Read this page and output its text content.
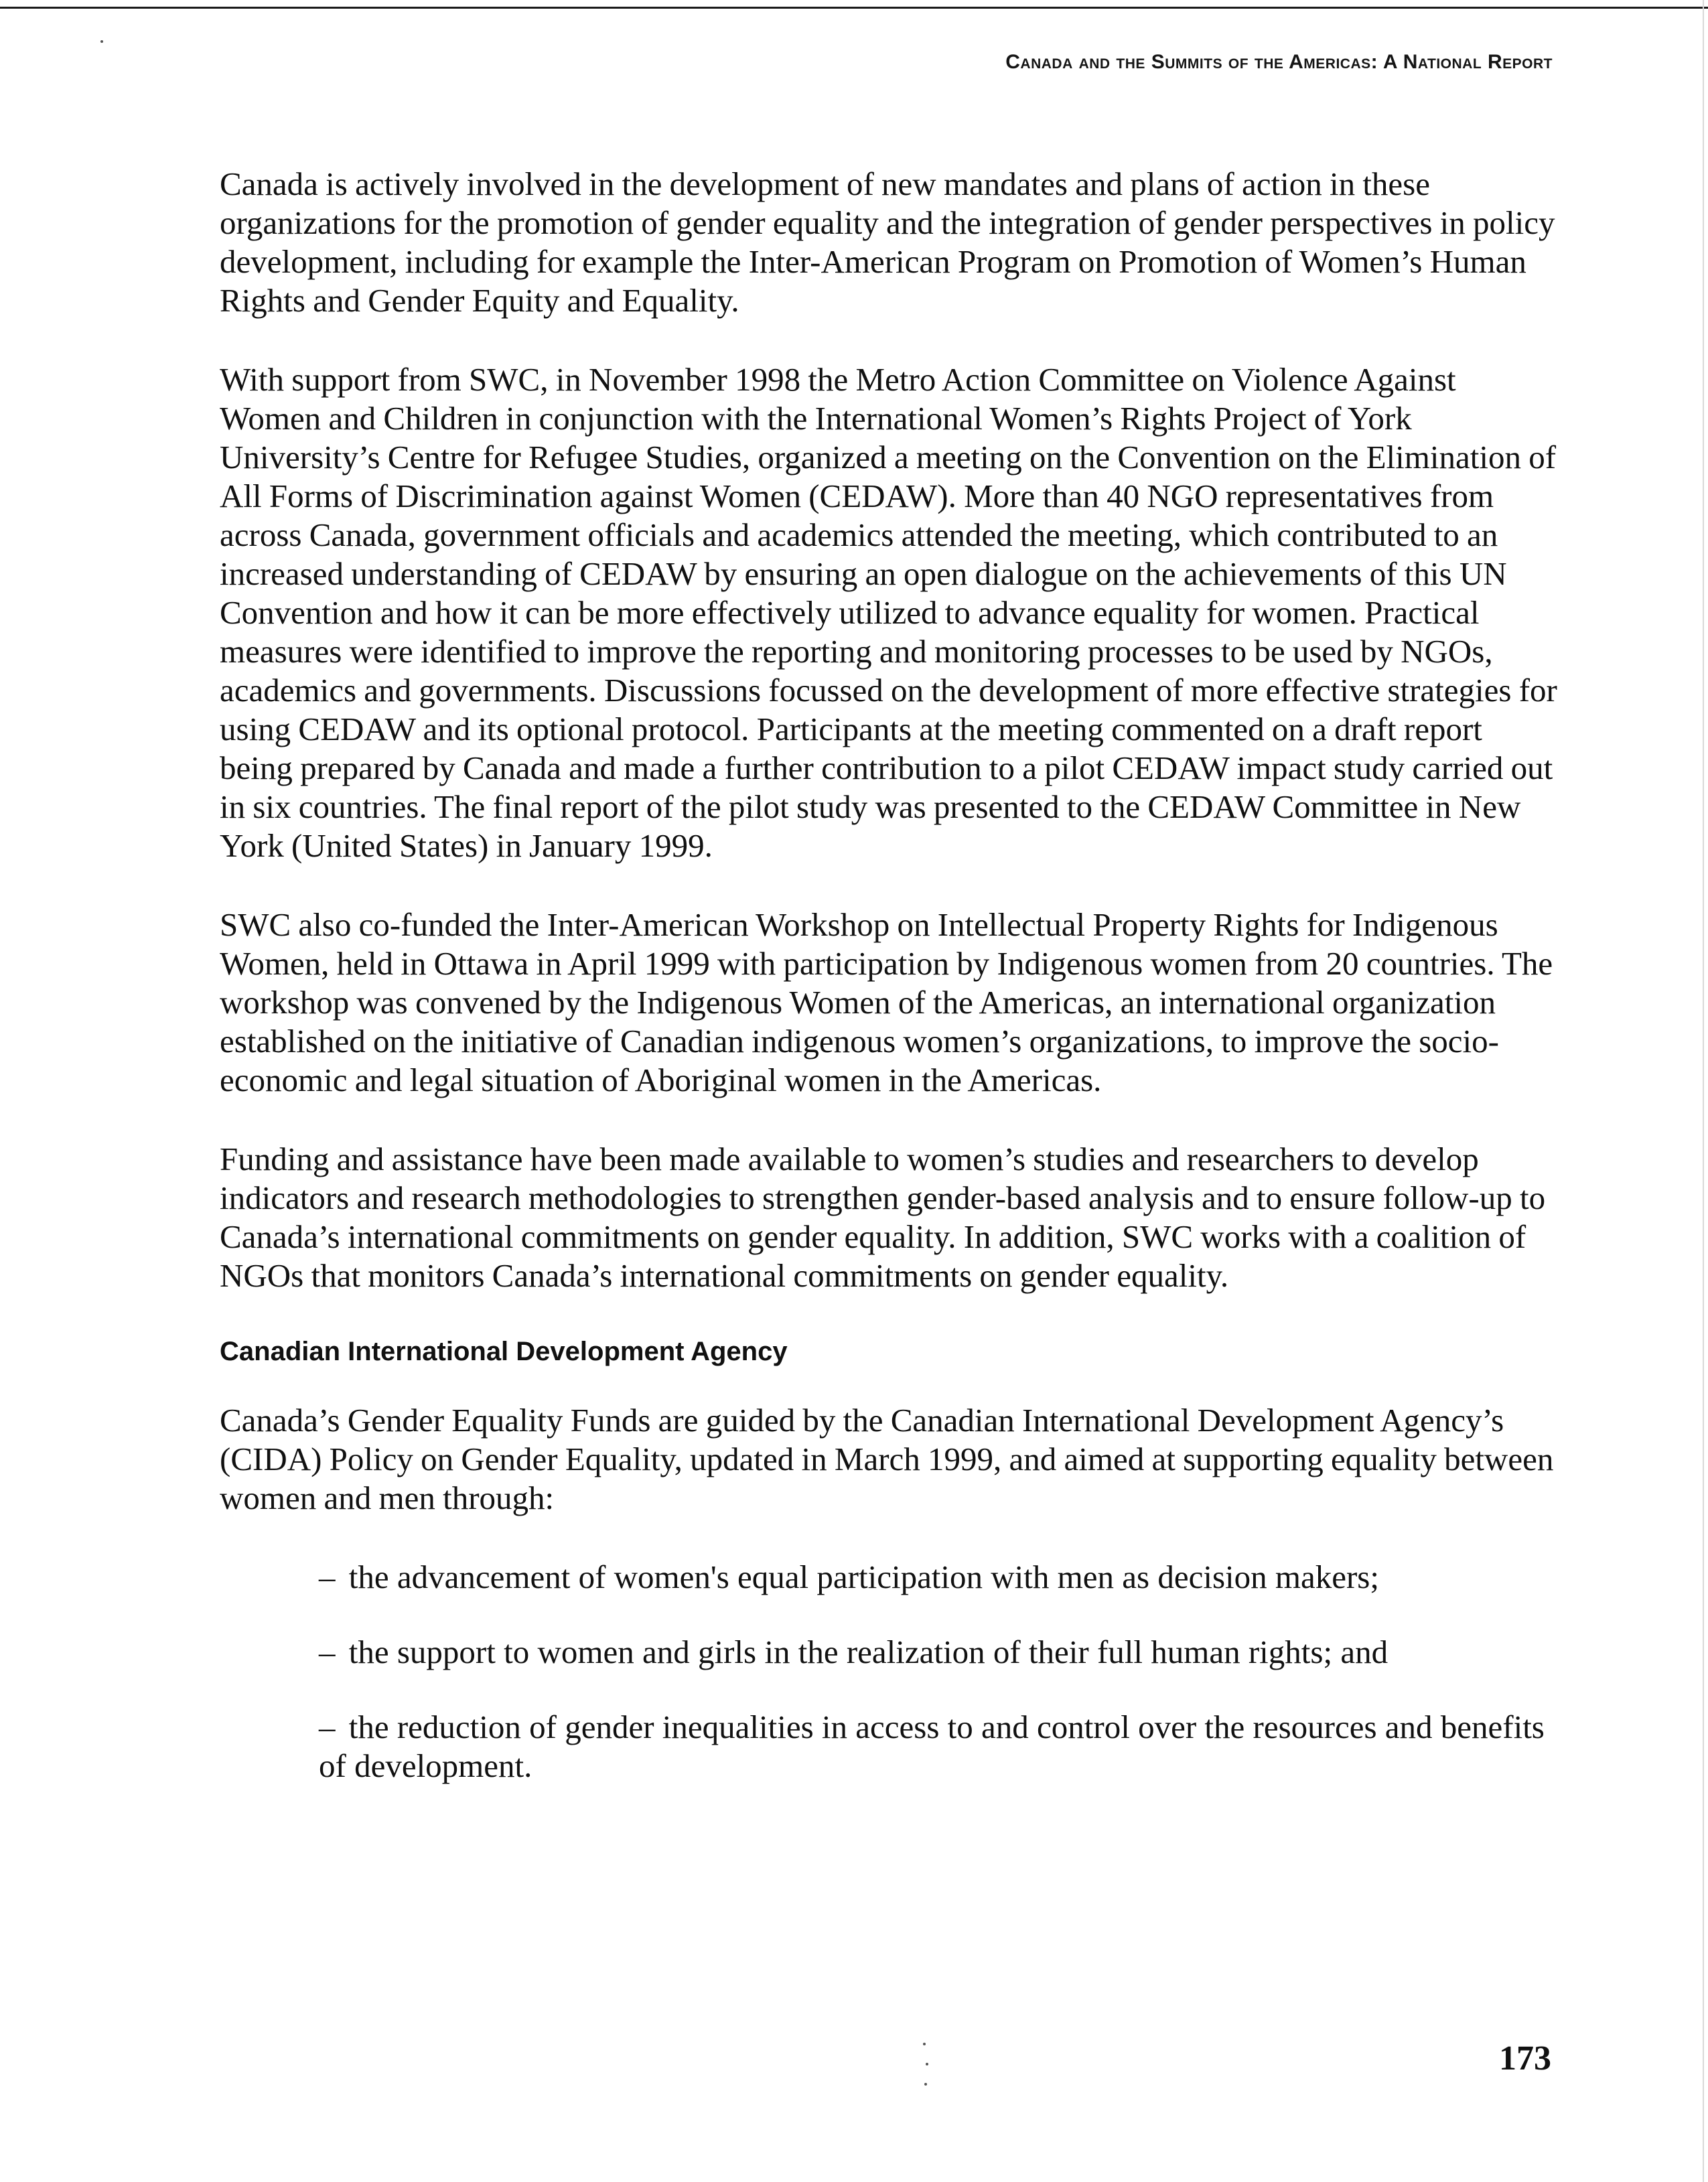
Canada and the Summits of the Americas: A National Report

Canada is actively involved in the development of new mandates and plans of action in these organizations for the promotion of gender equality and the integration of gender perspectives in policy development, including for example the Inter-American Program on Promotion of Women’s Human Rights and Gender Equity and Equality.

With support from SWC, in November 1998 the Metro Action Committee on Violence Against Women and Children in conjunction with the International Women’s Rights Project of York University’s Centre for Refugee Studies, organized a meeting on the Convention on the Elimination of All Forms of Discrimination against Women (CEDAW). More than 40 NGO representatives from across Canada, government officials and academics attended the meeting, which contributed to an increased understanding of CEDAW by ensuring an open dialogue on the achievements of this UN Convention and how it can be more effectively utilized to advance equality for women. Practical measures were identified to improve the reporting and monitoring processes to be used by NGOs, academics and governments. Discussions focussed on the development of more effective strategies for using CEDAW and its optional protocol. Participants at the meeting commented on a draft report being prepared by Canada and made a further contribution to a pilot CEDAW impact study carried out in six countries. The final report of the pilot study was presented to the CEDAW Committee in New York (United States) in January 1999.

SWC also co-funded the Inter-American Workshop on Intellectual Property Rights for Indigenous Women, held in Ottawa in April 1999 with participation by Indigenous women from 20 countries. The workshop was convened by the Indigenous Women of the Americas, an international organization established on the initiative of Canadian indigenous women’s organizations, to improve the socio-economic and legal situation of Aboriginal women in the Americas.

Funding and assistance have been made available to women’s studies and researchers to develop indicators and research methodologies to strengthen gender-based analysis and to ensure follow-up to Canada’s international commitments on gender equality. In addition, SWC works with a coalition of NGOs that monitors Canada’s international commitments on gender equality.

Canadian International Development Agency

Canada’s Gender Equality Funds are guided by the Canadian International Development Agency’s (CIDA) Policy on Gender Equality, updated in March 1999, and aimed at supporting equality between women and men through:

– the advancement of women's equal participation with men as decision makers;
– the support to women and girls in the realization of their full human rights; and
– the reduction of gender inequalities in access to and control over the resources and benefits of development.
173
